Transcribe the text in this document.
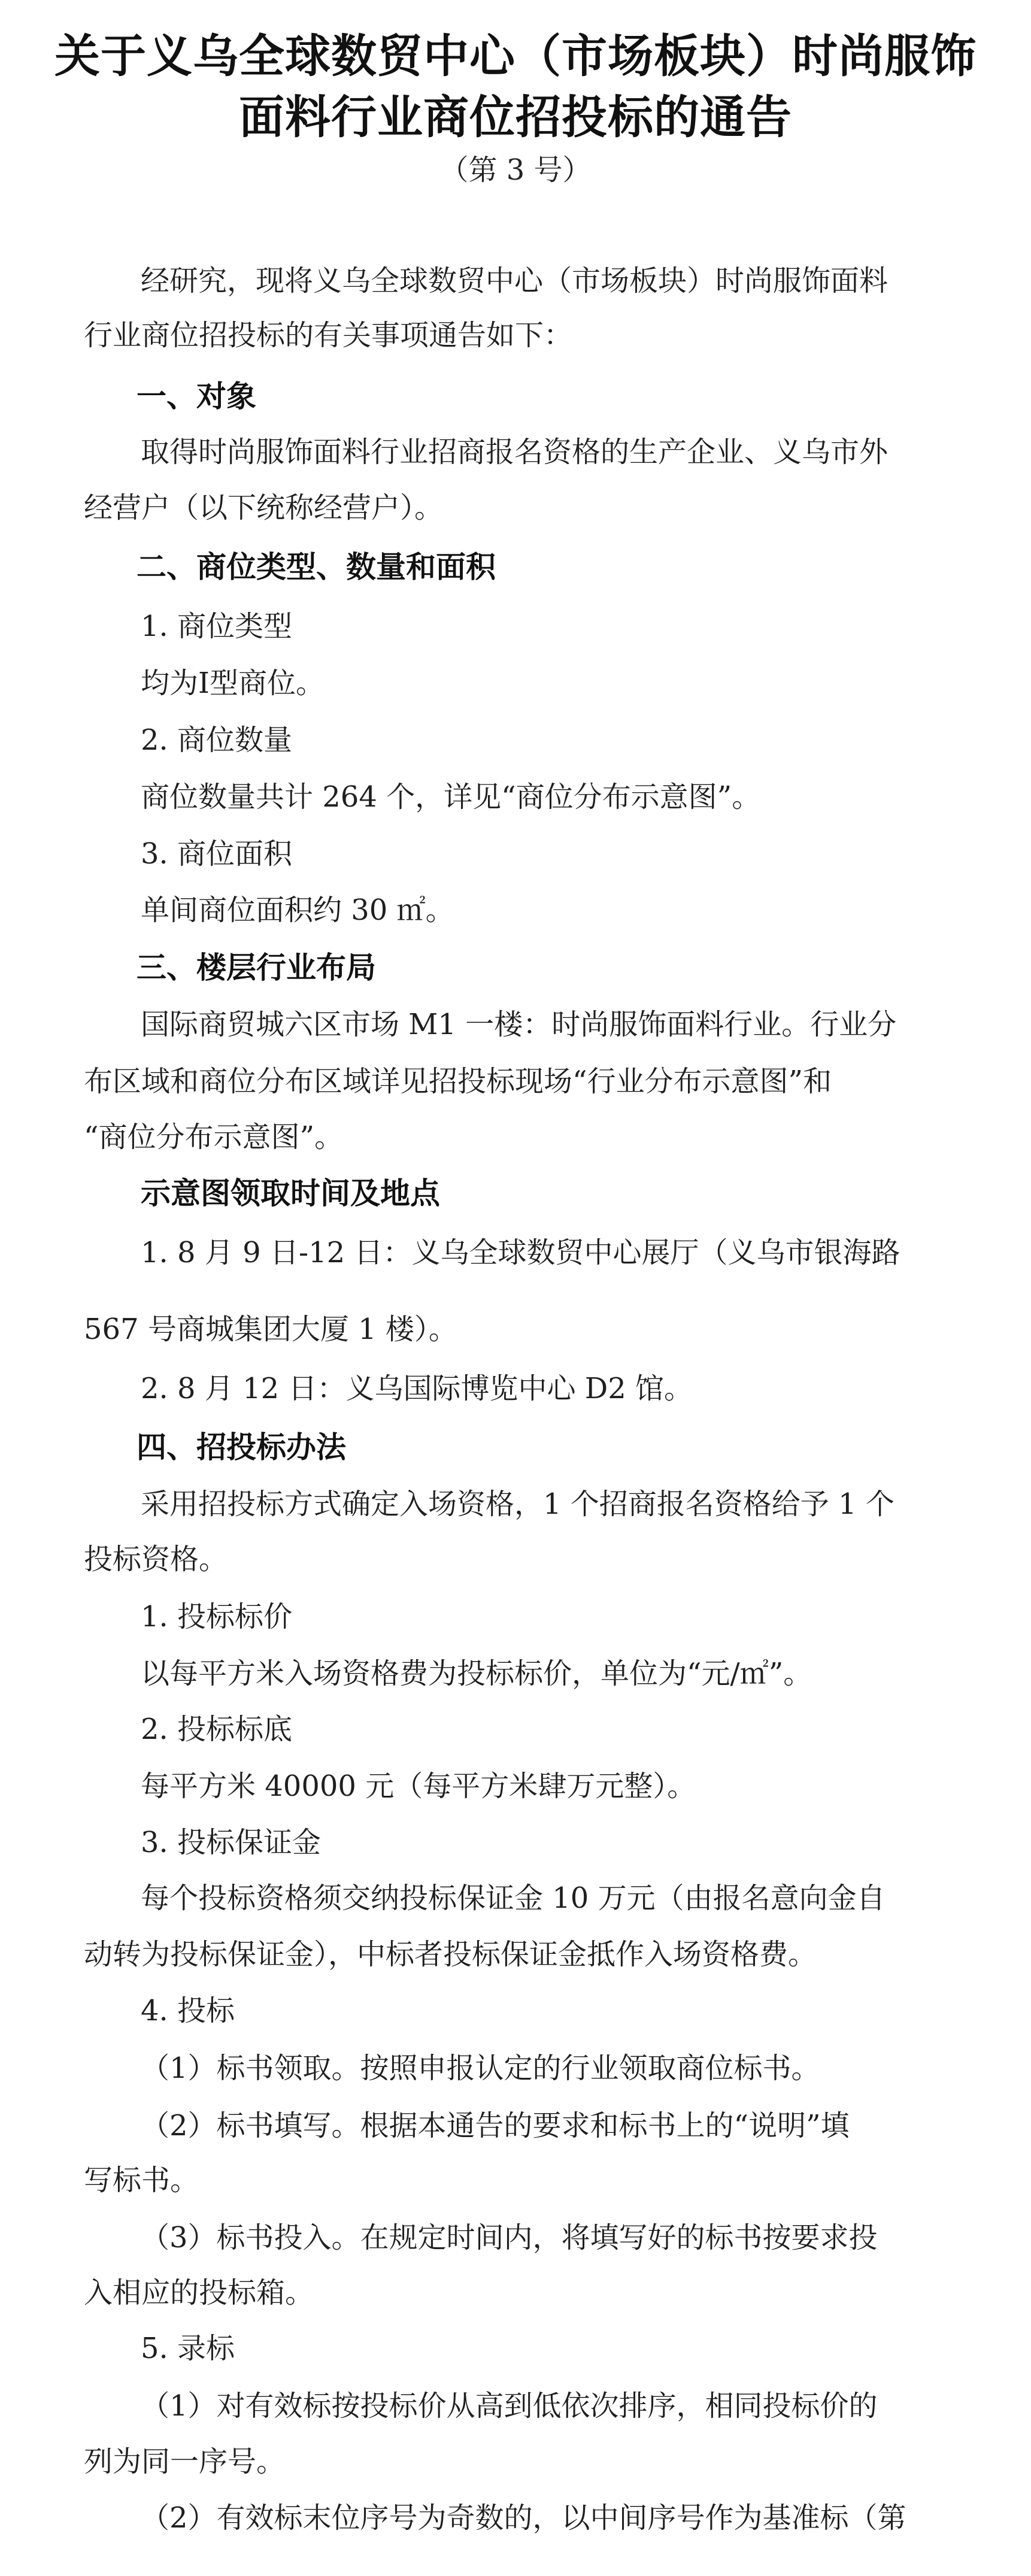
关于义乌全球数贸中心（市场板块）时尚服饰
面料行业商位招投标的通告
（第 3 号）
经研究，现将义乌全球数贸中心（市场板块）时尚服饰面料
行业商位招投标的有关事项通告如下：
一、对象
取得时尚服饰面料行业招商报名资格的生产企业、义乌市外
经营户（以下统称经营户）。
二、商位类型、数量和面积
1. 商位类型
均为Ⅰ型商位。
2. 商位数量
商位数量共计 264 个，详见“商位分布示意图”。
3. 商位面积
单间商位面积约 30 ㎡。
三、楼层行业布局
国际商贸城六区市场 M1 一楼：时尚服饰面料行业。行业分
布区域和商位分布区域详见招投标现场“行业分布示意图”和
“商位分布示意图”。
示意图领取时间及地点
1. 8 月 9 日-12 日：义乌全球数贸中心展厅（义乌市银海路
567 号商城集团大厦 1 楼）。
2. 8 月 12 日：义乌国际博览中心 D2 馆。
四、招投标办法
采用招投标方式确定入场资格，1 个招商报名资格给予 1 个
投标资格。
1. 投标标价
以每平方米入场资格费为投标标价，单位为“元/㎡”。
2. 投标标底
每平方米 40000 元（每平方米肆万元整）。
3. 投标保证金
每个投标资格须交纳投标保证金 10 万元（由报名意向金自
动转为投标保证金），中标者投标保证金抵作入场资格费。
4. 投标
（1）标书领取。按照申报认定的行业领取商位标书。
（2）标书填写。根据本通告的要求和标书上的“说明”填
写标书。
（3）标书投入。在规定时间内，将填写好的标书按要求投
入相应的投标箱。
5. 录标
（1）对有效标按投标价从高到低依次排序，相同投标价的
列为同一序号。
（2）有效标末位序号为奇数的，以中间序号作为基准标（第
